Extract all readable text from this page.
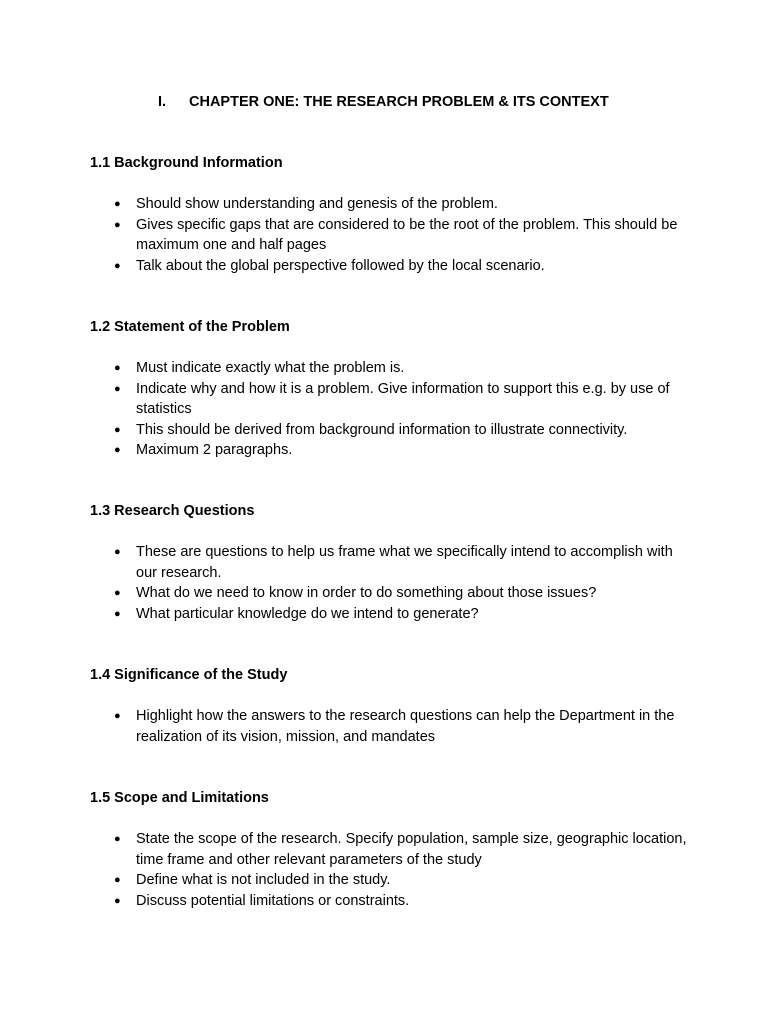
I. CHAPTER ONE: THE RESEARCH PROBLEM & ITS CONTEXT
1.1 Background Information
● Should show understanding and genesis of the problem.
● Gives specific gaps that are considered to be the root of the problem. This should be maximum one and half pages
● Talk about the global perspective followed by the local scenario.
1.2 Statement of the Problem
● Must indicate exactly what the problem is.
● Indicate why and how it is a problem. Give information to support this e.g. by use of statistics
● This should be derived from background information to illustrate connectivity.
● Maximum 2 paragraphs.
1.3 Research Questions
● These are questions to help us frame what we specifically intend to accomplish with our research.
● What do we need to know in order to do something about those issues?
● What particular knowledge do we intend to generate?
1.4 Significance of the Study
● Highlight how the answers to the research questions can help the Department in the realization of its vision, mission, and mandates
1.5 Scope and Limitations
● State the scope of the research. Specify population, sample size, geographic location, time frame and other relevant parameters of the study
● Define what is not included in the study.
● Discuss potential limitations or constraints.
